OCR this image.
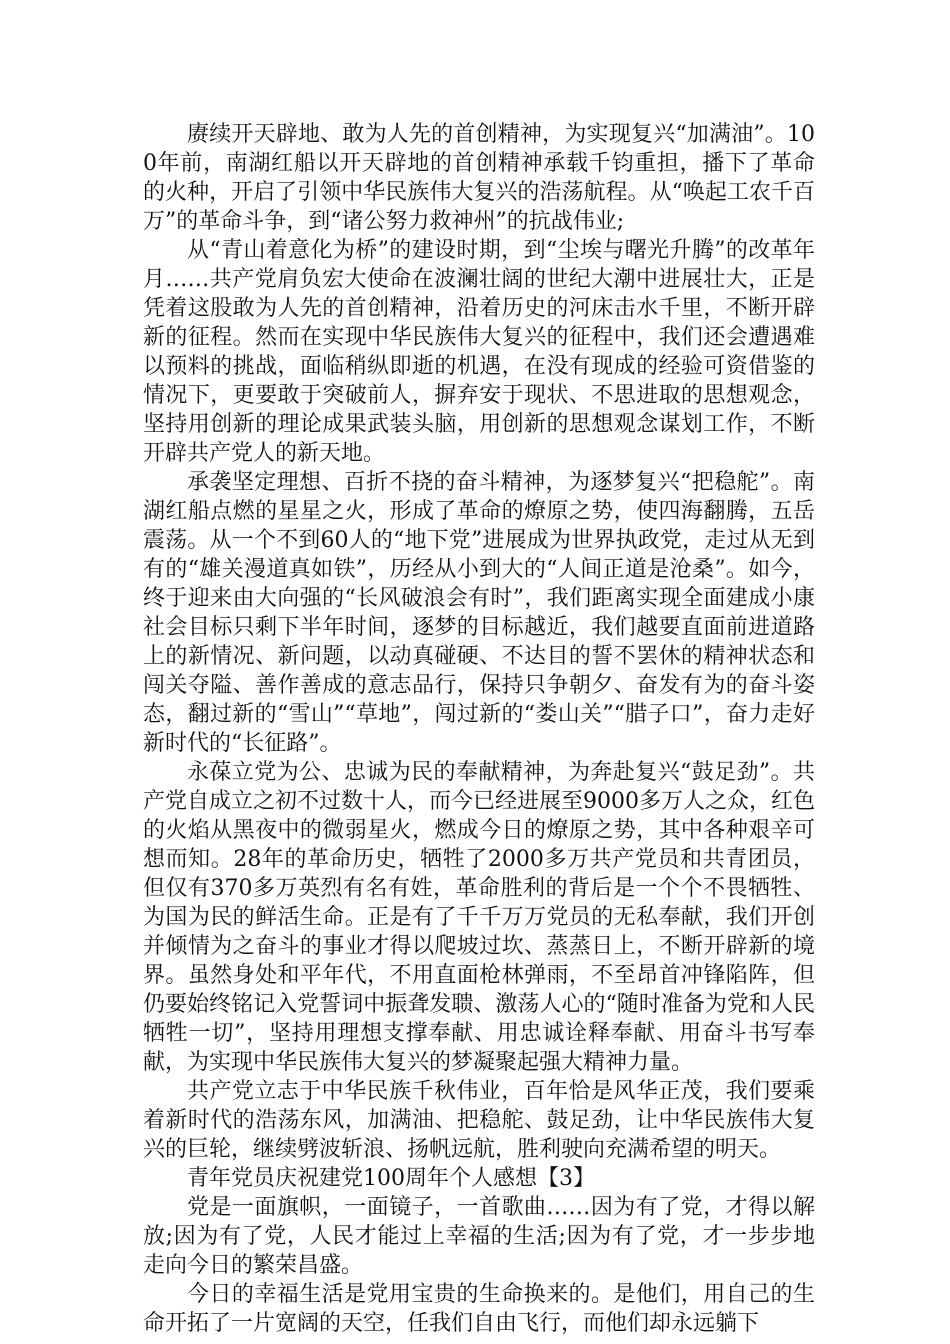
赓续开天辟地、敢为人先的首创精神，为实现复兴“加满油”。100年前，南湖红船以开天辟地的首创精神承载千钧重担，播下了革命的火种，开启了引领中华民族伟大复兴的浩荡航程。从“唤起工农千百万”的革命斗争，到“诸公努力救神州”的抗战伟业;

从“青山着意化为桥”的建设时期，到“尘埃与曙光升腾”的改革年月……共产党肩负宏大使命在波澜壮阔的世纪大潮中进展壮大，正是凭着这股敢为人先的首创精神，沿着历史的河床击水千里，不断开辟新的征程。然而在实现中华民族伟大复兴的征程中，我们还会遭遇难以预料的挑战，面临稍纵即逝的机遇，在没有现成的经验可资借鉴的情况下，更要敢于突破前人，摒弃安于现状、不思进取的思想观念，坚持用创新的理论成果武装头脑，用创新的思想观念谋划工作，不断开辟共产党人的新天地。

承袭坚定理想、百折不挠的奋斗精神，为逐梦复兴“把稳舵”。南湖红船点燃的星星之火，形成了革命的燎原之势，使四海翻腾，五岳震荡。从一个不到60人的“地下党”进展成为世界执政党，走过从无到有的“雄关漫道真如铁”，历经从小到大的“人间正道是沧桑”。如今，终于迎来由大向强的“长风破浪会有时”，我们距离实现全面建成小康社会目标只剩下半年时间，逐梦的目标越近，我们越要直面前进道路上的新情况、新问题，以动真碰硬、不达目的誓不罢休的精神状态和闯关夺隘、善作善成的意志品行，保持只争朝夕、奋发有为的奋斗姿态，翻过新的“雪山”“草地”，闯过新的“娄山关”“腊子口”，奋力走好新时代的“长征路”。

永葆立党为公、忠诚为民的奉献精神，为奔赴复兴“鼓足劲”。共产党自成立之初不过数十人，而今已经进展至9000多万人之众，红色的火焰从黑夜中的微弱星火，燃成今日的燎原之势，其中各种艰辛可想而知。28年的革命历史，牺牲了2000多万共产党员和共青团员，但仅有370多万英烈有名有姓，革命胜利的背后是一个个不畏牺牲、为国为民的鲜活生命。正是有了千千万万党员的无私奉献，我们开创并倾情为之奋斗的事业才得以爬坡过坎、蒸蒸日上，不断开辟新的境界。虽然身处和平年代，不用直面枪林弹雨，不至昂首冲锋陷阵，但仍要始终铭记入党誓词中振聋发聩、激荡人心的“随时准备为党和人民牺牲一切”，坚持用理想支撑奉献、用忠诚诠释奉献、用奋斗书写奉献，为实现中华民族伟大复兴的梦凝聚起强大精神力量。

共产党立志于中华民族千秋伟业，百年恰是风华正茂，我们要乘着新时代的浩荡东风，加满油、把稳舵、鼓足劲，让中华民族伟大复兴的巨轮，继续劈波斩浪、扬帆远航，胜利驶向充满希望的明天。

青年党员庆祝建党100周年个人感想【3】

党是一面旗帜，一面镜子，一首歌曲……因为有了党，才得以解放;因为有了党，人民才能过上幸福的生活;因为有了党，才一步步地走向今日的繁荣昌盛。

今日的幸福生活是党用宝贵的生命换来的。是他们，用自己的生命开拓了一片宽阔的天空，任我们自由飞行，而他们却永远躺下
